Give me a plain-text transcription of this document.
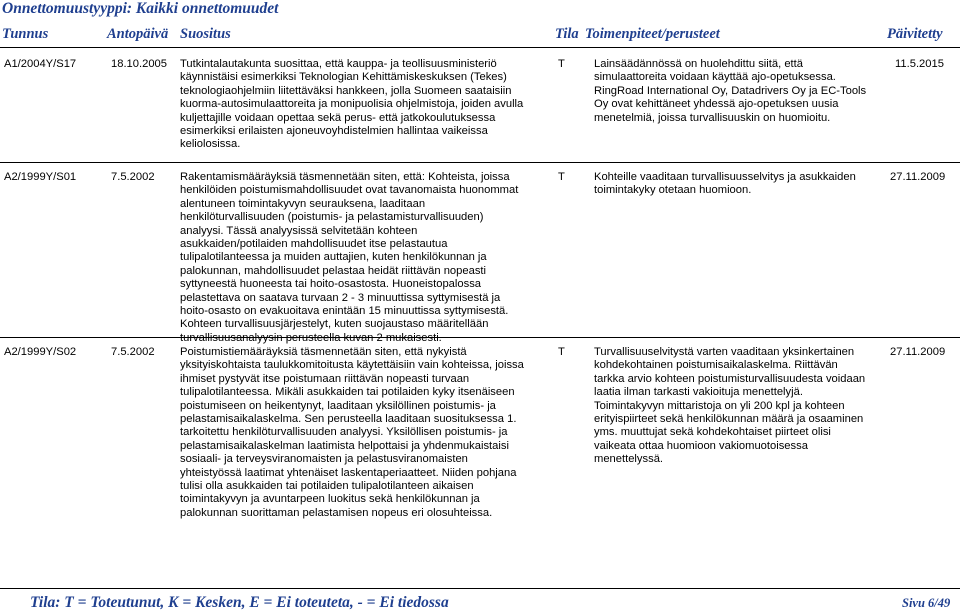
Onnettomuustyyppi: Kaikki onnettomuudet
Tunnus	Antopäivä Suositus	Tila Toimenpiteet/perusteet	Päivitetty
A1/2004Y/S17	18.10.2005 Tutkintalautakunta suosittaa, että kauppa- ja teollisuusministeriö käynnistäisi esimerkiksi Teknologian Kehittämiskeskuksen (Tekes) teknologiaohjelmiin liitettäväksi hankkeen, jolla Suomeen saataisiin kuorma-autosimulaattoreita ja monipuolisia ohjelmistoja, joiden avulla kuljettajille voidaan opettaa sekä perus- että jatkokoulutuksessa esimerkiksi erilaisten ajoneuvoyhdistelmien hallintaa vaikeissa keliolosissa.
T	Lainsäädännössä on huolehdittu siitä, että simulaattoreita voidaan käyttää ajo-opetuksessa. RingRoad International Oy, Datadrivers Oy ja EC-Tools Oy ovat kehittäneet yhdessä ajo-opetuksen uusia menetelmiä, joissa turvallisuuskin on huomioitu.
11.5.2015
A2/1999Y/S01	7.5.2002 Rakentamismääräyksiä täsmennetään siten, että: Kohteista, joissa henkilöiden poistumismahdollisuudet ovat tavanomaista huonommat alentuneen toimintakyvyn seurauksena, laaditaan henkilöturvallisuuden (poistumis- ja pelastamisturvallisuuden) analyysi. Tässä analyysissä selvitetään kohteen asukkaiden/potilaiden mahdollisuudet itse pelastautua tulipalotilanteessa ja muiden auttajien, kuten henkilökunnan ja palokunnan, mahdollisuudet pelastaa heidät riittävän nopeasti syttyneestä huoneesta tai hoito-osastosta. Huoneistopalossa pelastettava on saatava turvaan 2 - 3 minuuttissa syttymisestä ja hoito-osasto on evakuoitava enintään 15 minuuttissa syttymisestä. Kohteen turvallisuusjärjestelyt, kuten suojaustaso määritellään turvallisuusanalyysin perusteella kuvan 2 mukaisesti.
T	Kohteille vaaditaan turvallisuusselvitys ja asukkaiden toimintakyky otetaan huomioon.
27.11.2009
A2/1999Y/S02	7.5.2002 Poistumistiemääräyksiä täsmennetään siten, että nykyistä yksityiskohtaista taulukkomitoitusta käytettäisiin vain kohteissa, joissa ihmiset pystyvät itse poistumaan riittävän nopeasti turvaan tulipalotilanteessa. Mikäli asukkaiden tai potilaiden kyky itsenäiseen poistumiseen on heikentynyt, laaditaan yksilöllinen poistumis- ja pelastamisaikalaskelma. Sen perusteella laaditaan suosituksessa 1. tarkoitettu henkilöturvallisuuden analyysi. Yksilöllisen poistumis- ja pelastamisaikalaskelman laatimista helpottaisi ja yhdenmukaistaisi sosiaali- ja terveysviranomaisten ja pelastusviranomaisten yhteistyössä laatimat yhtenäiset laskentaperiaatteet. Niiden pohjana tulisi olla asukkaiden tai potilaiden tulipalotilanteen aikaisen toimintakyvyn ja avuntarpeen luokitus sekä henkilökunnan ja palokunnan suorittaman pelastamisen nopeus eri olosuhteissa.
T	Turvallisuuselvitystä varten vaaditaan yksinkertainen kohdekohtainen poistumisaikalaskelma. Riittävän tarkka arvio kohteen poistumisturvallisuudesta voidaan laatia ilman tarkasti vakioituja menettelyjä. Toimintakyvyn mittaristoja on yli 200 kpl ja kohteen erityispiirteet sekä henkilökunnan määrä ja osaaminen yms. muuttujat sekä kohdekohtaiset piirteet olisi vaikeata ottaa huomioon vakiomuotoisessa menettelyssä.
27.11.2009
Tila: T = Toteutunut, K = Kesken, E = Ei toteuteta, - = Ei tiedossa	Sivu 6/49
